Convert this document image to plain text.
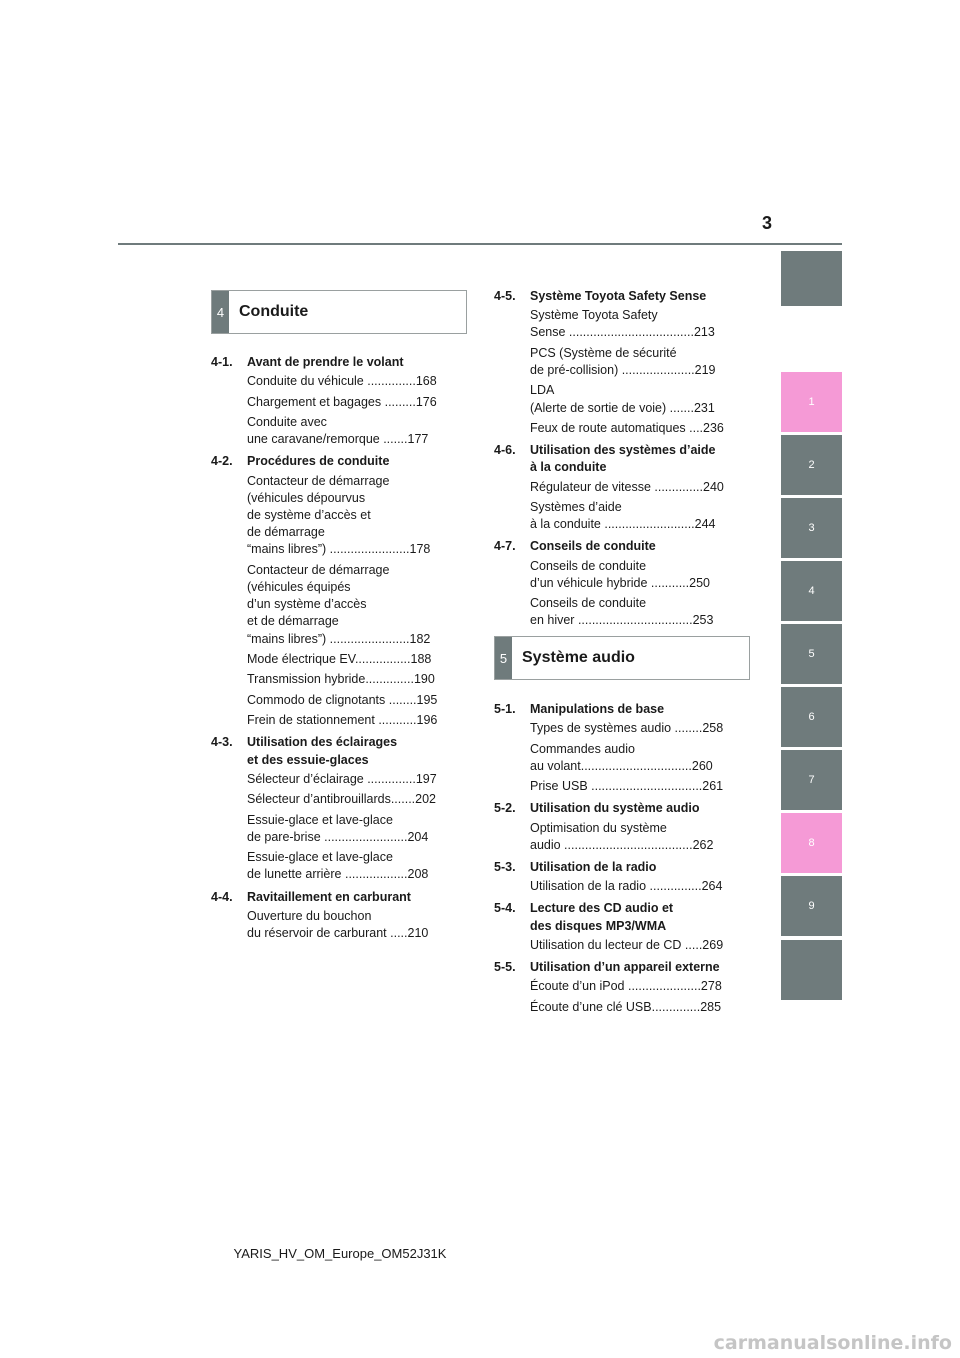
3
1
2
3
4
5
6
7
8
9
4 Conduite
4-1.	Avant de prendre le volant
Conduite du véhicule .............. 168
Chargement et bagages ......... 176
Conduite avec
une caravane/remorque ....... 177
4-2.	Procédures de conduite
Contacteur de démarrage
(véhicules dépourvus
de système d’accès et
de démarrage
“mains libres”) ....................... 178
Contacteur de démarrage
(véhicules équipés
d’un système d’accès
et de démarrage
“mains libres”) ....................... 182
Mode électrique EV................ 188
Transmission hybride.............. 190
Commodo de clignotants ........ 195
Frein de stationnement ........... 196
4-3.	Utilisation des éclairages
et des essuie-glaces
Sélecteur d’éclairage .............. 197
Sélecteur d’antibrouillards....... 202
Essuie-glace et lave-glace
de pare-brise ........................ 204
Essuie-glace et lave-glace
de lunette arrière .................. 208
4-4.	Ravitaillement en carburant
Ouverture du bouchon
du réservoir de carburant ..... 210
4-5.	Système Toyota Safety Sense
Système Toyota Safety
Sense .................................... 213
PCS (Système de sécurité
de pré-collision) ..................... 219
LDA
(Alerte de sortie de voie) ....... 231
Feux de route automatiques .... 236
4-6.	Utilisation des systèmes d’aide
à la conduite
Régulateur de vitesse .............. 240
Systèmes d’aide
à la conduite .......................... 244
4-7.	Conseils de conduite
Conseils de conduite
d’un véhicule hybride ........... 250
Conseils de conduite
en hiver ................................. 253
5 Système audio
5-1.	Manipulations de base
Types de systèmes audio ........ 258
Commandes audio
au volant................................ 260
Prise USB ................................ 261
5-2.	Utilisation du système audio
Optimisation du système
audio ..................................... 262
5-3.	Utilisation de la radio
Utilisation de la radio ............... 264
5-4.	Lecture des CD audio et
des disques MP3/WMA
Utilisation du lecteur de CD ..... 269
5-5.	Utilisation d’un appareil externe
Écoute d’un iPod ..................... 278
Écoute d’une clé USB.............. 285
YARIS_HV_OM_Europe_OM52J31K
carmanualsonline.info
